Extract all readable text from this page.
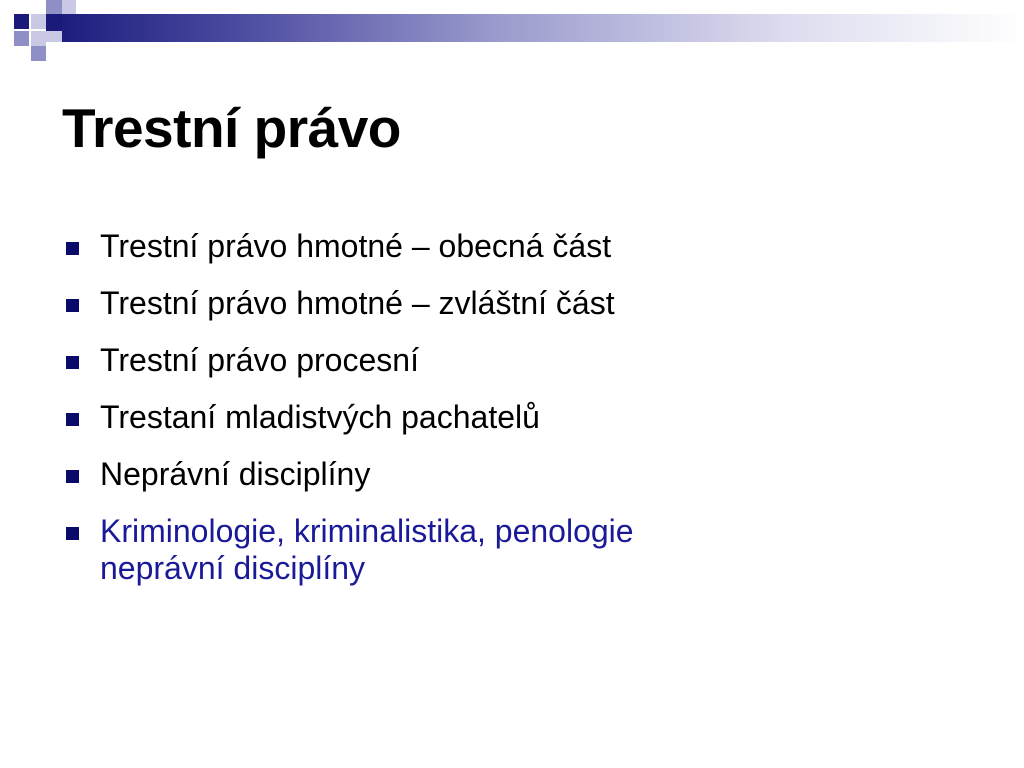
Trestní právo
Trestní právo hmotné – obecná část
Trestní právo hmotné – zvláštní část
Trestní právo procesní
Trestaní mladistvých pachatelů
Neprávní disciplíny
Kriminologie, kriminalistika, penologie
neprávní disciplíny
